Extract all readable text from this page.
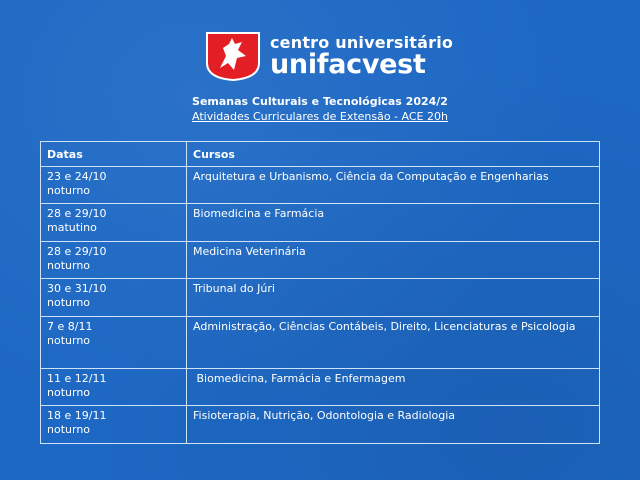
centro universitário
unifacvest
Semanas Culturais e Tecnológicas 2024/2
Atividades Curriculares de Extensão - ACE 20h
Datas	Cursos

23 e 24/10
noturno	Arquitetura e Urbanismo, Ciência da Computação e Engenharias

28 e 29/10
matutino	Biomedicina e Farmácia

28 e 29/10
noturno	Medicina Veterinária

30 e 31/10
noturno	Tribunal do Júri

7 e 8/11
noturno	Administração, Ciências Contábeis, Direito, Licenciaturas e Psicologia

11 e 12/11
noturno	Biomedicina, Farmácia e Enfermagem

18 e 19/11
noturno	Fisioterapia, Nutrição, Odontologia e Radiologia
